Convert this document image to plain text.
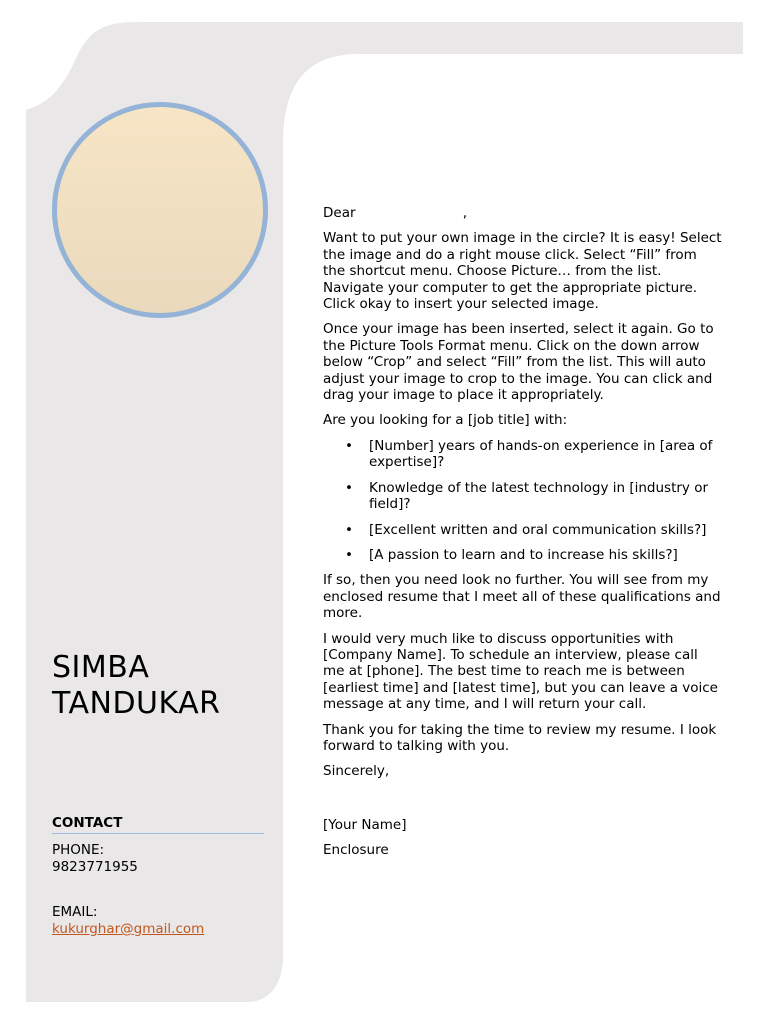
SIMBA
TANDUKAR
CONTACT
PHONE:
9823771955
EMAIL:
kukurghar@gmail.com

Dear                         ,

Want to put your own image in the circle? It is easy! Select the image and do a right mouse click. Select “Fill” from the shortcut menu. Choose Picture… from the list. Navigate your computer to get the appropriate picture. Click okay to insert your selected image.

Once your image has been inserted, select it again. Go to the Picture Tools Format menu. Click on the down arrow below “Crop” and select “Fill” from the list. This will auto adjust your image to crop to the image. You can click and drag your image to place it appropriately.

Are you looking for a [job title] with:

• [Number] years of hands-on experience in [area of expertise]?
• Knowledge of the latest technology in [industry or field]?
• [Excellent written and oral communication skills?]
• [A passion to learn and to increase his skills?]

If so, then you need look no further. You will see from my enclosed resume that I meet all of these qualifications and more.

I would very much like to discuss opportunities with [Company Name]. To schedule an interview, please call me at [phone]. The best time to reach me is between [earliest time] and [latest time], but you can leave a voice message at any time, and I will return your call.

Thank you for taking the time to review my resume. I look forward to talking with you.

Sincerely,

[Your Name]

Enclosure
